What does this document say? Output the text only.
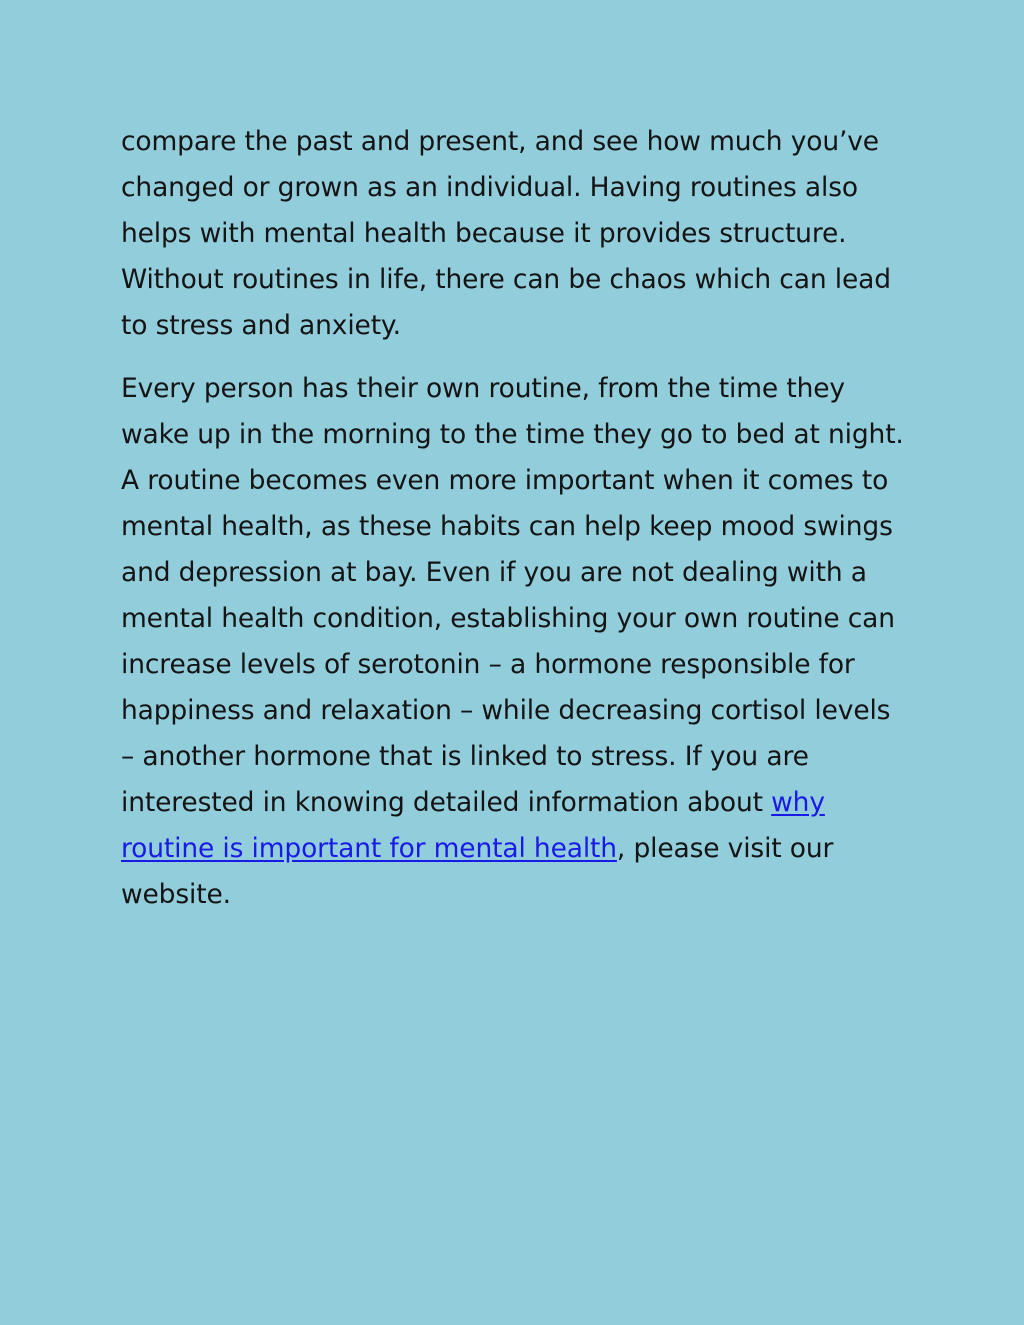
compare the past and present, and see how much you’ve changed or grown as an individual. Having routines also helps with mental health because it provides structure. Without routines in life, there can be chaos which can lead to stress and anxiety.

Every person has their own routine, from the time they wake up in the morning to the time they go to bed at night. A routine becomes even more important when it comes to mental health, as these habits can help keep mood swings and depression at bay. Even if you are not dealing with a mental health condition, establishing your own routine can increase levels of serotonin – a hormone responsible for happiness and relaxation – while decreasing cortisol levels – another hormone that is linked to stress. If you are interested in knowing detailed information about why routine is important for mental health, please visit our website.
